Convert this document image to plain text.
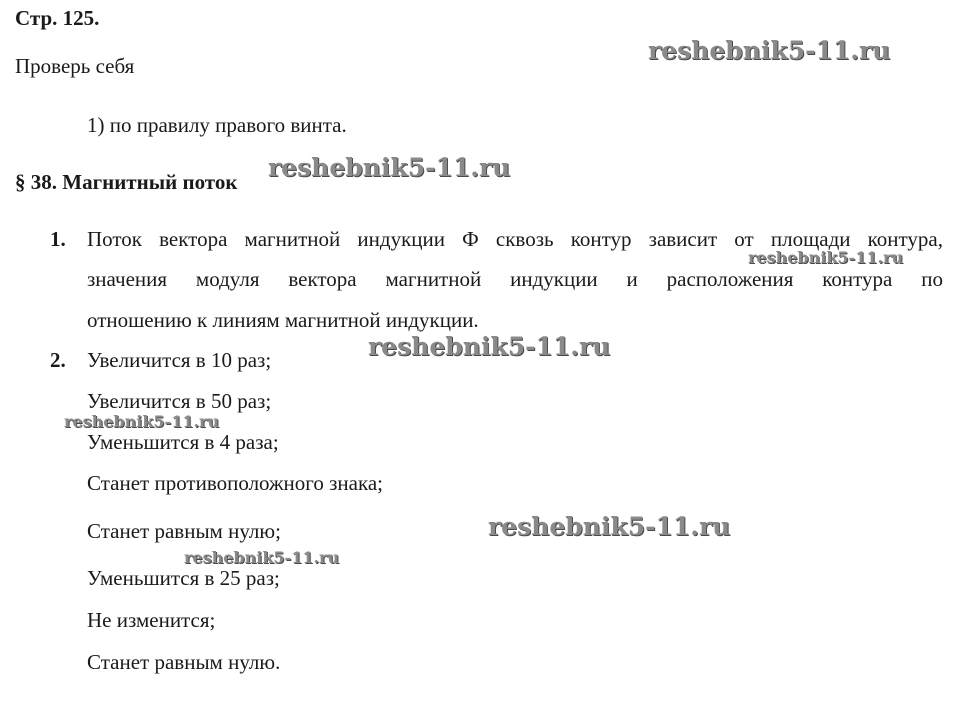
Стр. 125.
Проверь себя
1) по правилу правого винта.
§ 38. Магнитный поток
1. Поток вектора магнитной индукции Ф сквозь контур зависит от площади контура,
значения модуля вектора магнитной индукции и расположения контура по
отношению к линиям магнитной индукции.
2. Увеличится в 10 раз;
Увеличится в 50 раз;
Уменьшится в 4 раза;
Станет противоположного знака;
Станет равным нулю;
Уменьшится в 25 раз;
Не изменится;
Станет равным нулю.
reshebnik5-11.ru
reshebnik5-11.ru
reshebnik5-11.ru
reshebnik5-11.ru
reshebnik5-11.ru
reshebnik5-11.ru
reshebnik5-11.ru
